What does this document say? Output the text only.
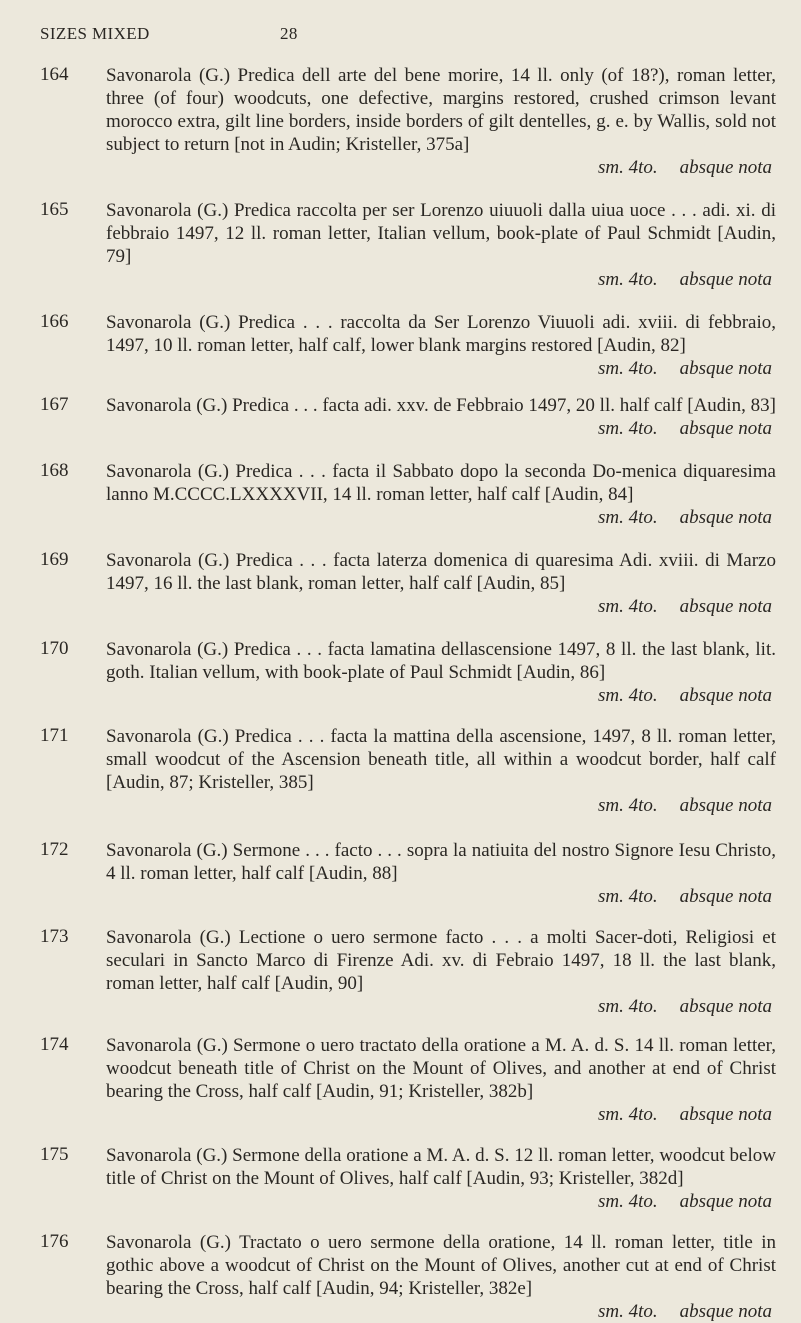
SIZES MIXED	28
164	Savonarola (G.) Predica dell arte del bene morire, 14 ll. only (of 18?), roman letter, three (of four) woodcuts, one defective, margins restored, crushed crimson levant morocco extra, gilt line borders, inside borders of gilt dentelles, g. e. by Wallis, sold not subject to return [not in Audin; Kristeller, 375a]
sm. 4to. absque nota
165	Savonarola (G.) Predica raccolta per ser Lorenzo uiuuoli dalla uiua uoce . . . adi. xi. di febbraio 1497, 12 ll. roman letter, Italian vellum, book-plate of Paul Schmidt [Audin, 79]
sm. 4to. absque nota
166	Savonarola (G.) Predica . . . raccolta da Ser Lorenzo Viuuoli adi. xviii. di febbraio, 1497, 10 ll. roman letter, half calf, lower blank margins restored [Audin, 82]
sm. 4to. absque nota
167	Savonarola (G.) Predica . . . facta adi. xxv. de Febbraio 1497, 20 ll. half calf [Audin, 83]
sm. 4to. absque nota
168	Savonarola (G.) Predica . . . facta il Sabbato dopo la seconda Do-menica diquaresima lanno M.CCCC.LXXXXVII, 14 ll. roman letter, half calf [Audin, 84]
sm. 4to. absque nota
169	Savonarola (G.) Predica . . . facta laterza domenica di quaresima Adi. xviii. di Marzo 1497, 16 ll. the last blank, roman letter, half calf [Audin, 85]
sm. 4to. absque nota
170	Savonarola (G.) Predica . . . facta lamatina dellascensione 1497, 8 ll. the last blank, lit. goth. Italian vellum, with book-plate of Paul Schmidt [Audin, 86]
sm. 4to. absque nota
171	Savonarola (G.) Predica . . . facta la mattina della ascensione, 1497, 8 ll. roman letter, small woodcut of the Ascension beneath title, all within a woodcut border, half calf [Audin, 87; Kristeller, 385]
sm. 4to. absque nota
172	Savonarola (G.) Sermone . . . facto . . . sopra la natiuita del nostro Signore Iesu Christo, 4 ll. roman letter, half calf [Audin, 88]
sm. 4to. absque nota
173	Savonarola (G.) Lectione o uero sermone facto . . . a molti Sacer-doti, Religiosi et seculari in Sancto Marco di Firenze Adi. xv. di Febraio 1497, 18 ll. the last blank, roman letter, half calf [Audin, 90]
sm. 4to. absque nota
174	Savonarola (G.) Sermone o uero tractato della oratione a M. A. d. S. 14 ll. roman letter, woodcut beneath title of Christ on the Mount of Olives, and another at end of Christ bearing the Cross, half calf [Audin, 91; Kristeller, 382b]
sm. 4to. absque nota
175	Savonarola (G.) Sermone della oratione a M. A. d. S. 12 ll. roman letter, woodcut below title of Christ on the Mount of Olives, half calf [Audin, 93; Kristeller, 382d]
sm. 4to. absque nota
176	Savonarola (G.) Tractato o uero sermone della oratione, 14 ll. roman letter, title in gothic above a woodcut of Christ on the Mount of Olives, another cut at end of Christ bearing the Cross, half calf [Audin, 94; Kristeller, 382e]
sm. 4to. absque nota
